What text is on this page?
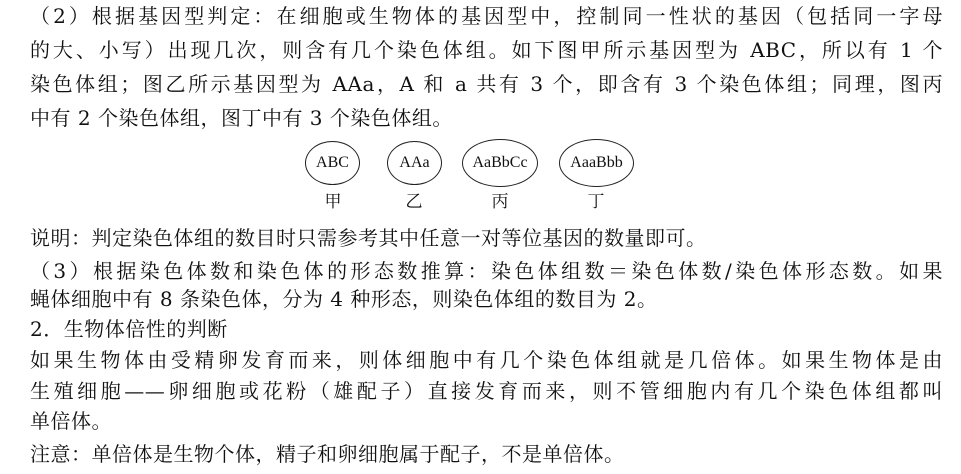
（2）根据基因型判定：在细胞或生物体的基因型中，控制同一性状的基因（包括同一字母
的大、小写）出现几次，则含有几个染色体组。如下图甲所示基因型为 ABC，所以有 1 个
染色体组；图乙所示基因型为 AAa，A 和 a 共有 3 个，即含有 3 个染色体组；同理，图丙
中有 2 个染色体组，图丁中有 3 个染色体组。
ABC	AAa	AaBbCc	AaaBbb
甲	乙	丙	丁
说明：判定染色体组的数目时只需参考其中任意一对等位基因的数量即可。
（3）根据染色体数和染色体的形态数推算：染色体组数＝染色体数/染色体形态数。如果
蝇体细胞中有 8 条染色体，分为 4 种形态，则染色体组的数目为 2。
2．生物体倍性的判断
如果生物体由受精卵发育而来，则体细胞中有几个染色体组就是几倍体。如果生物体是由
生殖细胞——卵细胞或花粉（雄配子）直接发育而来，则不管细胞内有几个染色体组都叫
单倍体。
注意：单倍体是生物个体，精子和卵细胞属于配子，不是单倍体。
